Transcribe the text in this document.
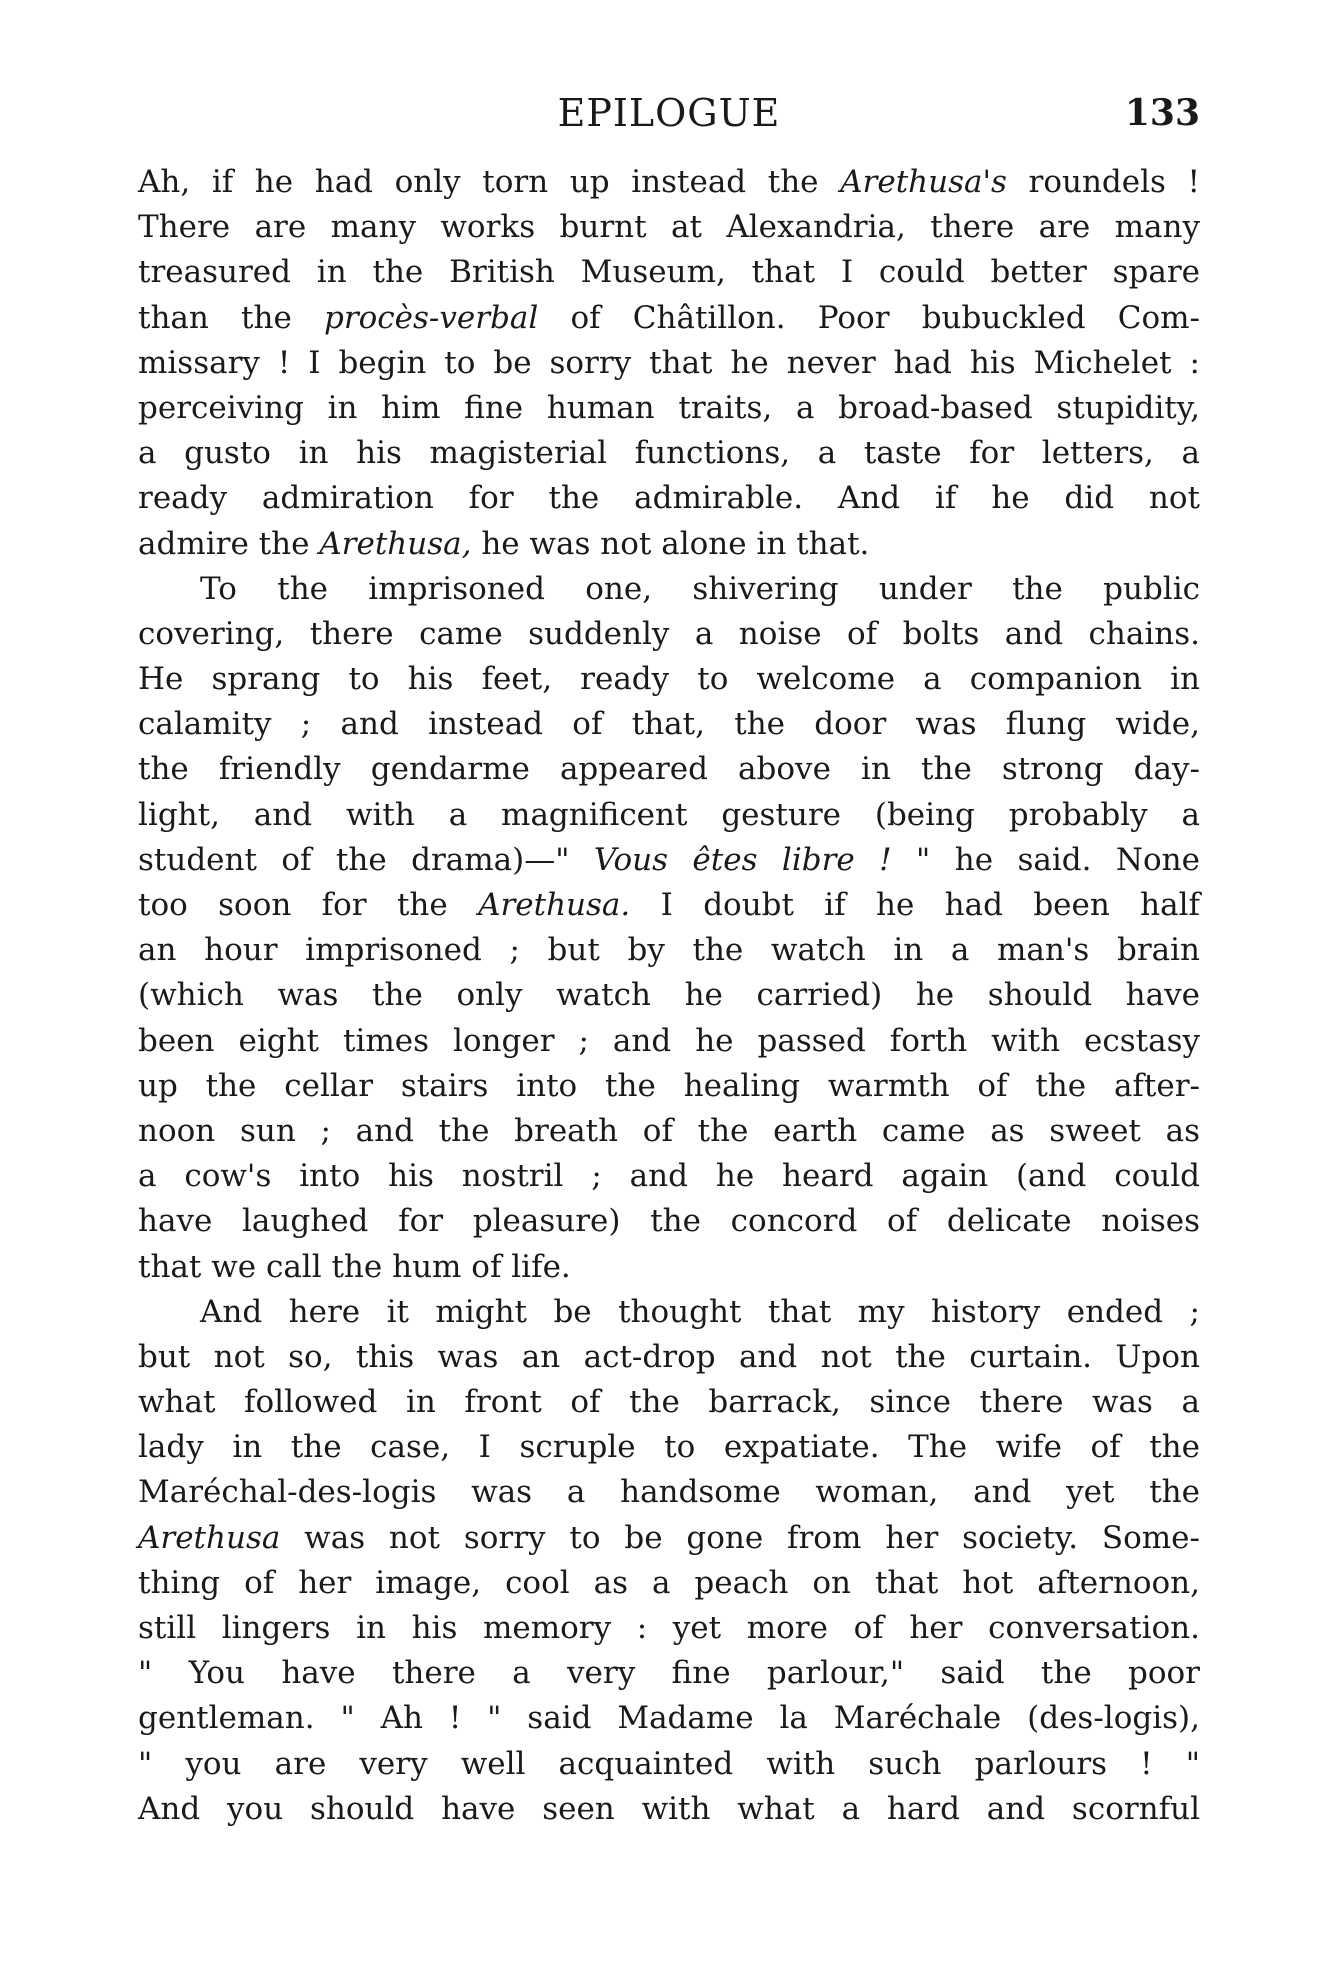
EPILOGUE	133
Ah, if he had only torn up instead the Arethusa's roundels !
There are many works burnt at Alexandria, there are many
treasured in the British Museum, that I could better spare
than the procès-verbal of Châtillon. Poor bubuckled Com-
missary ! I begin to be sorry that he never had his Michelet :
perceiving in him fine human traits, a broad-based stupidity,
a gusto in his magisterial functions, a taste for letters, a
ready admiration for the admirable. And if he did not
admire the Arethusa, he was not alone in that.
To the imprisoned one, shivering under the public
covering, there came suddenly a noise of bolts and chains.
He sprang to his feet, ready to welcome a companion in
calamity ; and instead of that, the door was flung wide,
the friendly gendarme appeared above in the strong day-
light, and with a magnificent gesture (being probably a
student of the drama)—" Vous êtes libre ! " he said. None
too soon for the Arethusa. I doubt if he had been half
an hour imprisoned ; but by the watch in a man's brain
(which was the only watch he carried) he should have
been eight times longer ; and he passed forth with ecstasy
up the cellar stairs into the healing warmth of the after-
noon sun ; and the breath of the earth came as sweet as
a cow's into his nostril ; and he heard again (and could
have laughed for pleasure) the concord of delicate noises
that we call the hum of life.
And here it might be thought that my history ended ;
but not so, this was an act-drop and not the curtain. Upon
what followed in front of the barrack, since there was a
lady in the case, I scruple to expatiate. The wife of the
Maréchal-des-logis was a handsome woman, and yet the
Arethusa was not sorry to be gone from her society. Some-
thing of her image, cool as a peach on that hot afternoon,
still lingers in his memory : yet more of her conversation.
" You have there a very fine parlour," said the poor
gentleman. " Ah ! " said Madame la Maréchale (des-logis),
" you are very well acquainted with such parlours ! "
And you should have seen with what a hard and scornful
